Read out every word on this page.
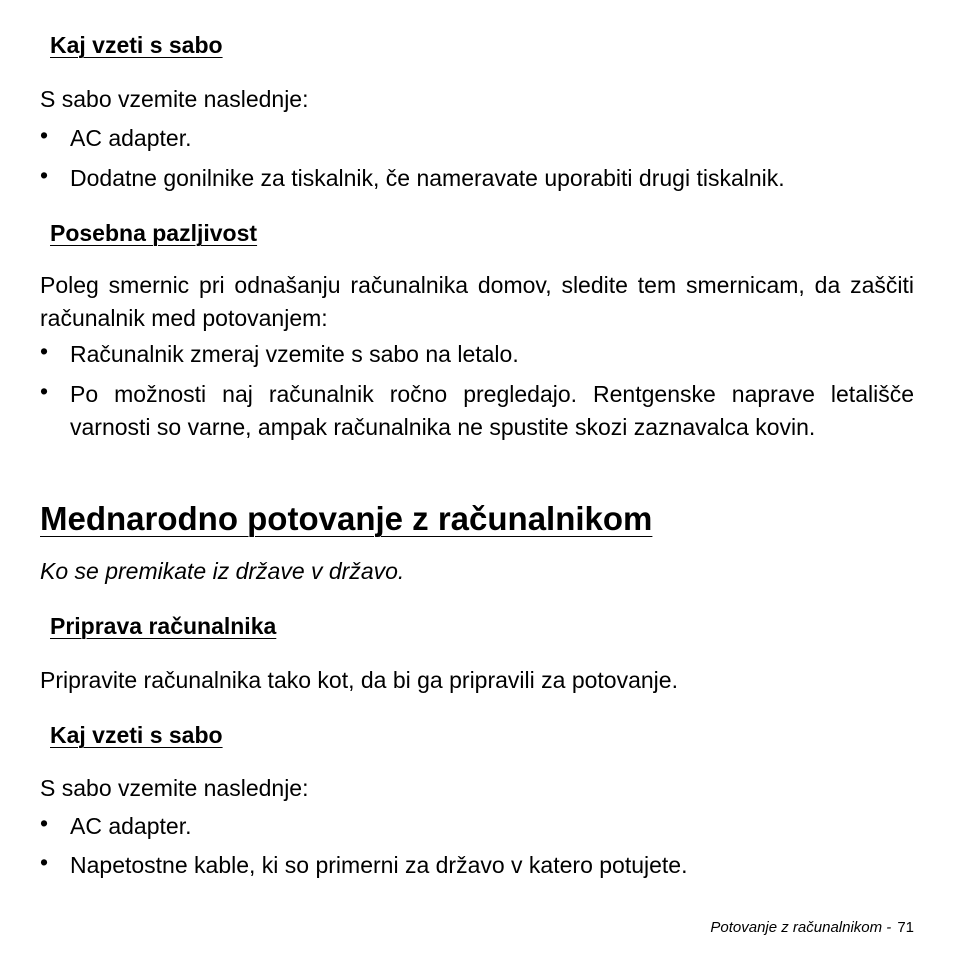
Kaj vzeti s sabo
S sabo vzemite naslednje:
• AC adapter.
• Dodatne gonilnike za tiskalnik, če nameravate uporabiti drugi tiskalnik.
Posebna pazljivost
Poleg smernic pri odnašanju računalnika domov, sledite tem smernicam, da zaščiti računalnik med potovanjem:
• Računalnik zmeraj vzemite s sabo na letalo.
• Po možnosti naj računalnik ročno pregledajo. Rentgenske naprave letališče varnosti so varne, ampak računalnika ne spustite skozi zaznavalca kovin.
Mednarodno potovanje z računalnikom
Ko se premikate iz države v državo.
Priprava računalnika
Pripravite računalnika tako kot, da bi ga pripravili za potovanje.
Kaj vzeti s sabo
S sabo vzemite naslednje:
• AC adapter.
• Napetostne kable, ki so primerni za državo v katero potujete.
Potovanje z računalnikom - 71
